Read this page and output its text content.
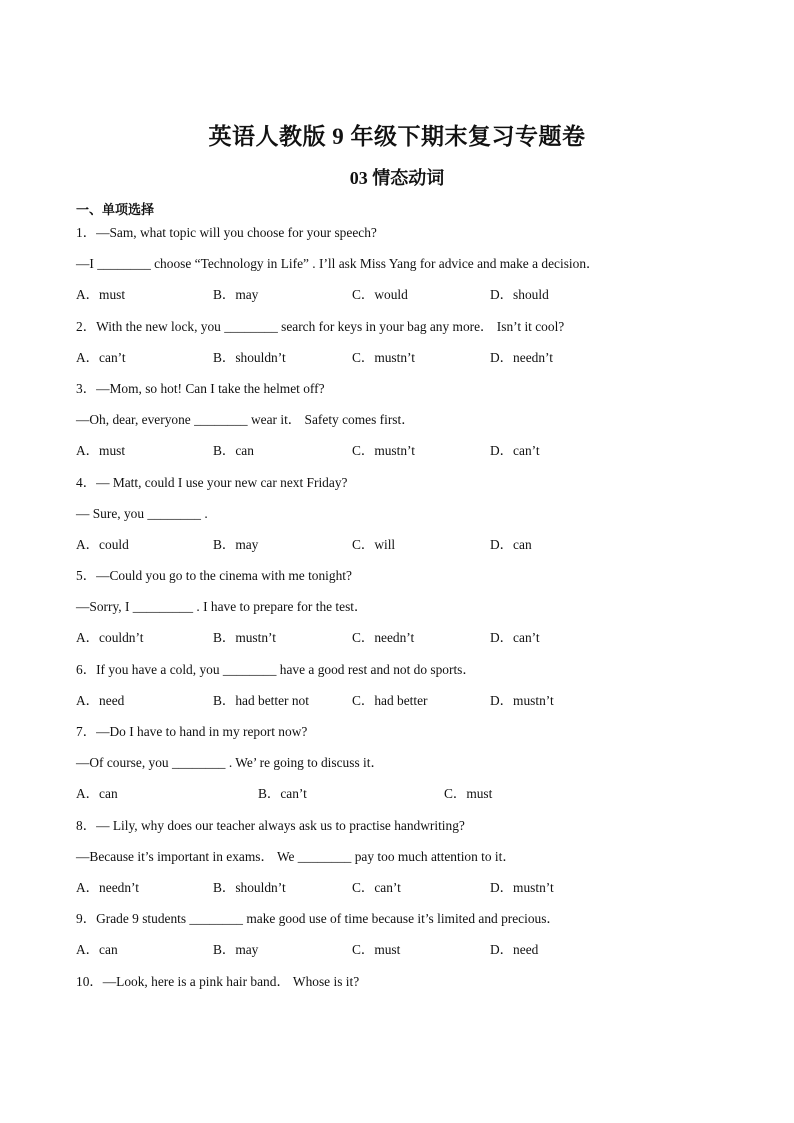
英语人教版 9 年级下期末复习专题卷
03 情态动词
一、单项选择
1．—Sam, what topic will you choose for your speech?
—I ________ choose “Technology in Life” . I’ll ask Miss Yang for advice and make a decision．
A．must	B．may	C．would	D．should
2．With the new lock, you ________ search for keys in your bag any more． Isn’t it cool?
A．can’t	B．shouldn’t	C．mustn’t	D．needn’t
3．—Mom, so hot! Can I take the helmet off?
—Oh, dear, everyone ________ wear it． Safety comes first．
A．must	B．can	C．mustn’t	D．can’t
4．— Matt, could I use your new car next Friday?
— Sure, you ________ .
A．could	B．may	C．will	D．can
5．—Could you go to the cinema with me tonight?
—Sorry, I _________ . I have to prepare for the test．
A．couldn’t	B．mustn’t	C．needn’t	D．can’t
6．If you have a cold, you ________ have a good rest and not do sports．
A．need	B．had better not	C．had better	D．mustn’t
7．—Do I have to hand in my report now?
—Of course, you ________ . We’ re going to discuss it．
A．can	B．can’t	C．must
8．— Lily, why does our teacher always ask us to practise handwriting?
—Because it’s important in exams． We ________ pay too much attention to it．
A．needn’t	B．shouldn’t	C．can’t	D．mustn’t
9．Grade 9 students ________ make good use of time because it’s limited and precious．
A．can	B．may	C．must	D．need
10．—Look, here is a pink hair band． Whose is it?
